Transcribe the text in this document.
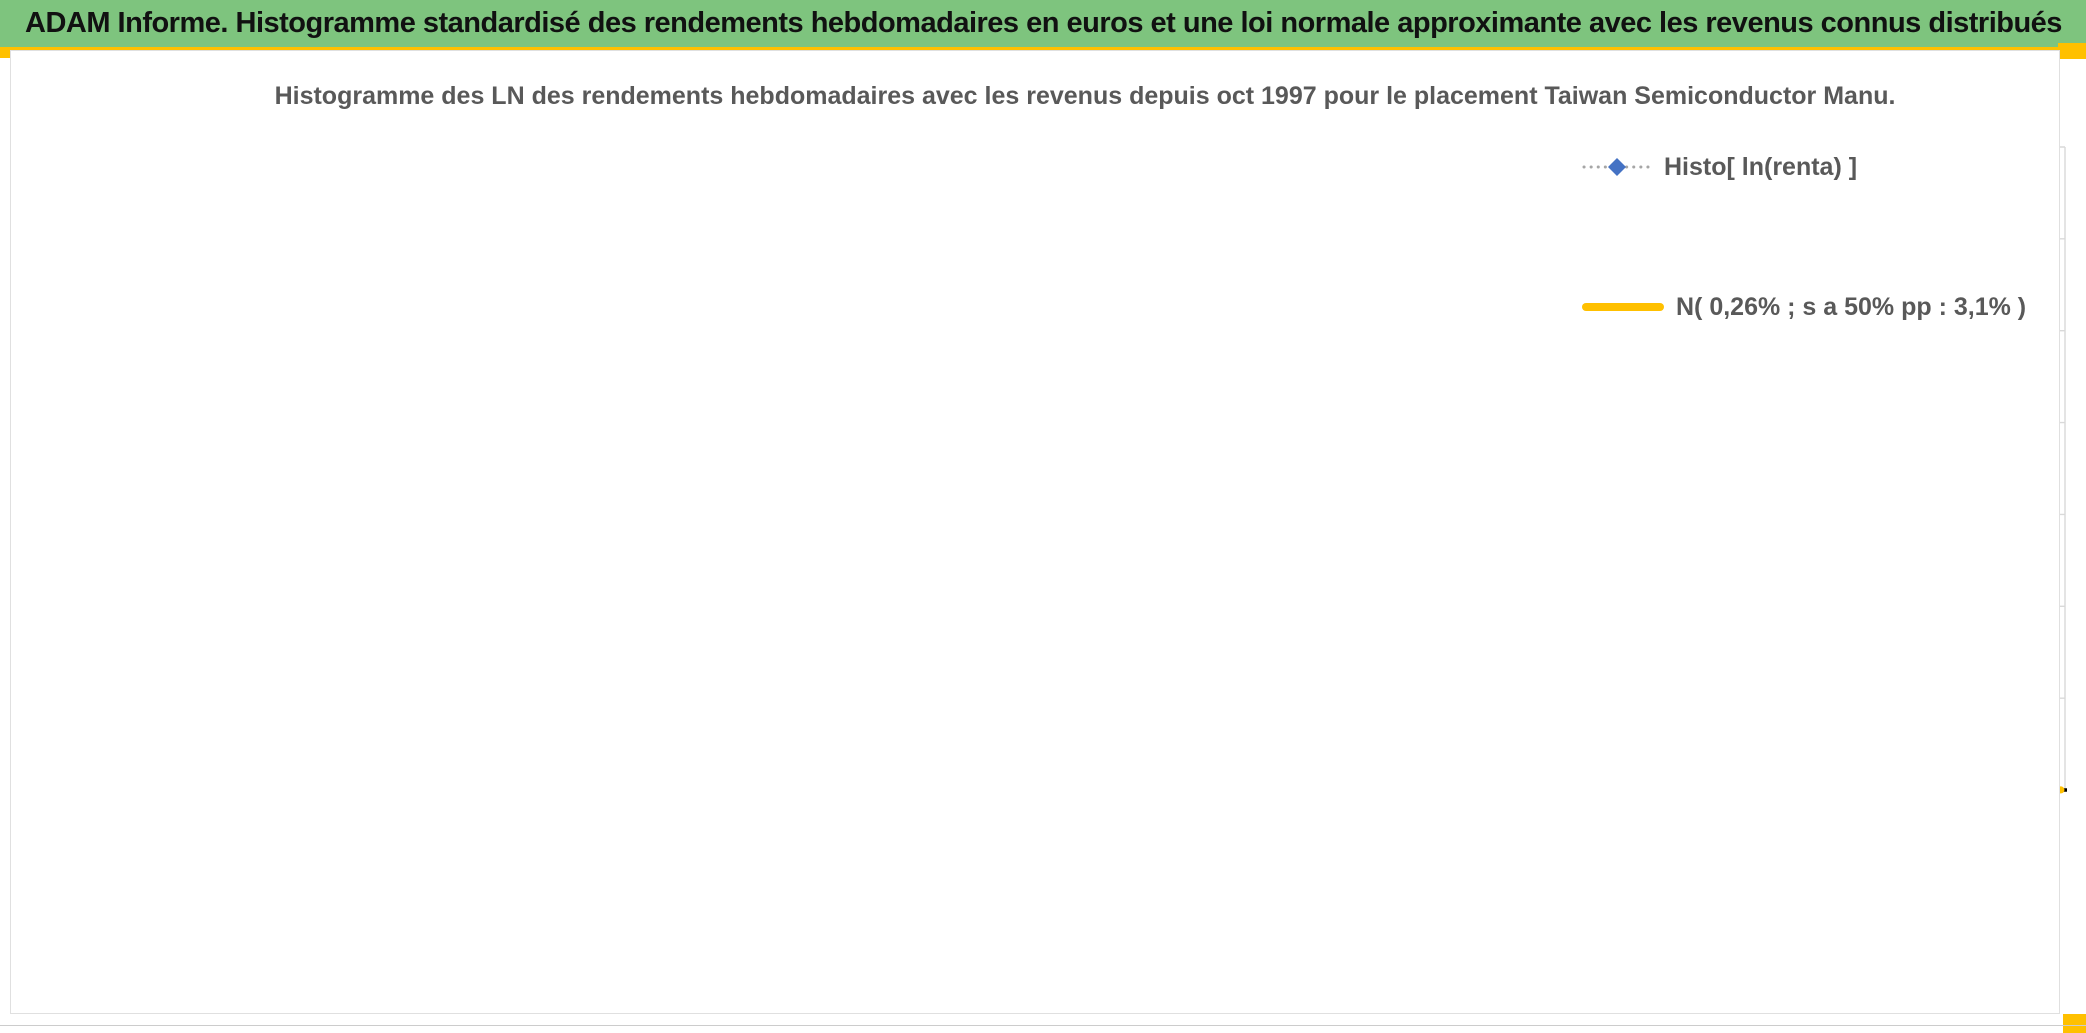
ADAM Informe. Histogramme standardisé des rendements hebdomadaires en euros et une loi normale approximante avec les revenus connus distribués
Histogramme des LN des rendements hebdomadaires avec les revenus depuis oct 1997 pour le placement Taiwan Semiconductor Manu.
Histo[ ln(renta) ]
N( 0,26% ; s a 50% pp : 3,1% )
